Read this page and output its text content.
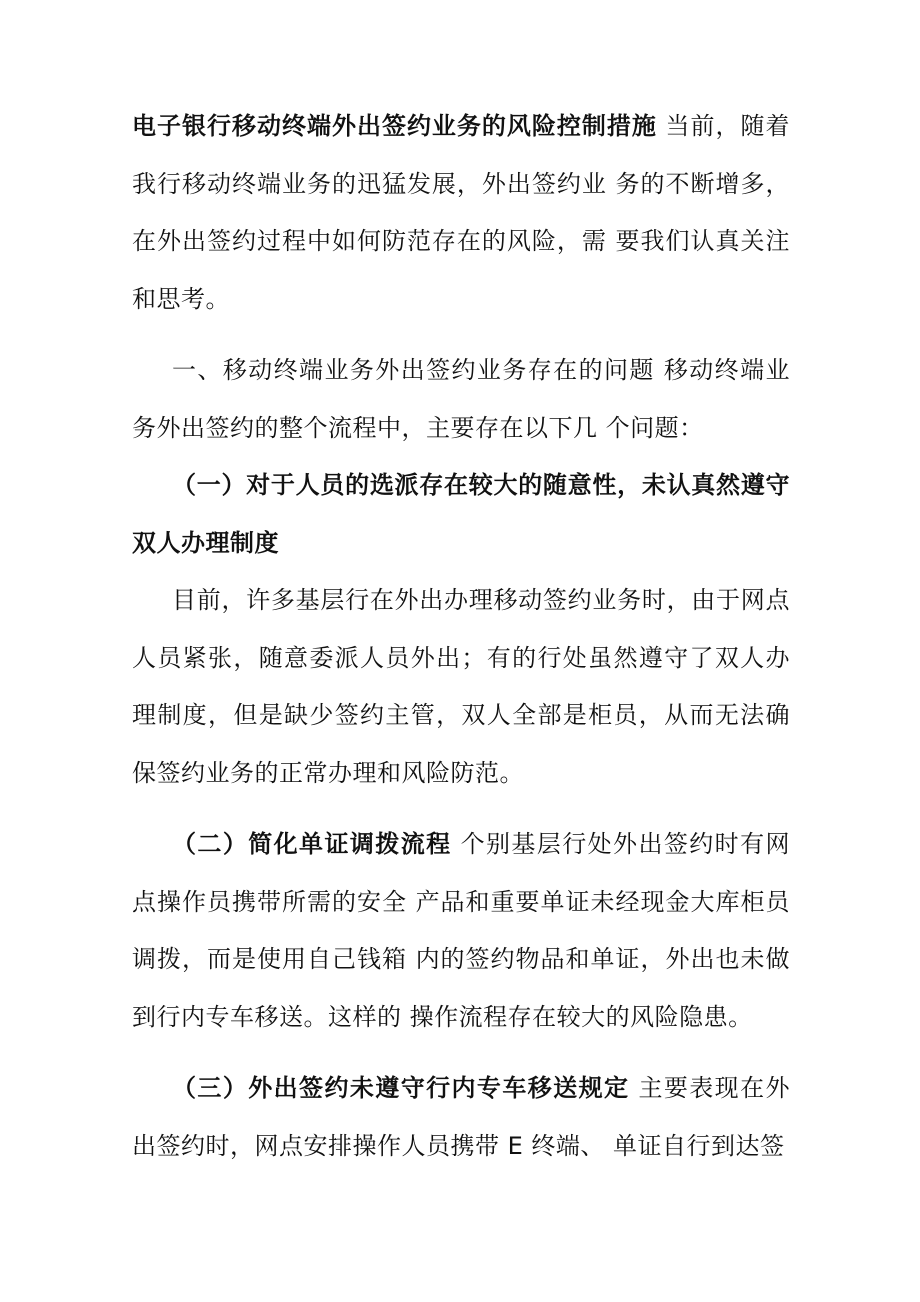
电子银行移动终端外出签约业务的风险控制措施 当前，随着我行移动终端业务的迅猛发展，外出签约业 务的不断增多，在外出签约过程中如何防范存在的风险，需 要我们认真关注和思考。

一、移动终端业务外出签约业务存在的问题 移动终端业务外出签约的整个流程中，主要存在以下几 个问题：

（一）对于人员的选派存在较大的随意性，未认真然遵守双人办理制度

目前，许多基层行在外出办理移动签约业务时，由于网点人员紧张，随意委派人员外出；有的行处虽然遵守了双人办理制度，但是缺少签约主管，双人全部是柜员，从而无法确保签约业务的正常办理和风险防范。

（二）简化单证调拨流程 个别基层行处外出签约时有网点操作员携带所需的安全 产品和重要单证未经现金大库柜员调拨，而是使用自己钱箱 内的签约物品和单证，外出也未做到行内专车移送。这样的 操作流程存在较大的风险隐患。

（三）外出签约未遵守行内专车移送规定 主要表现在外出签约时，网点安排操作人员携带 E 终端、 单证自行到达签
